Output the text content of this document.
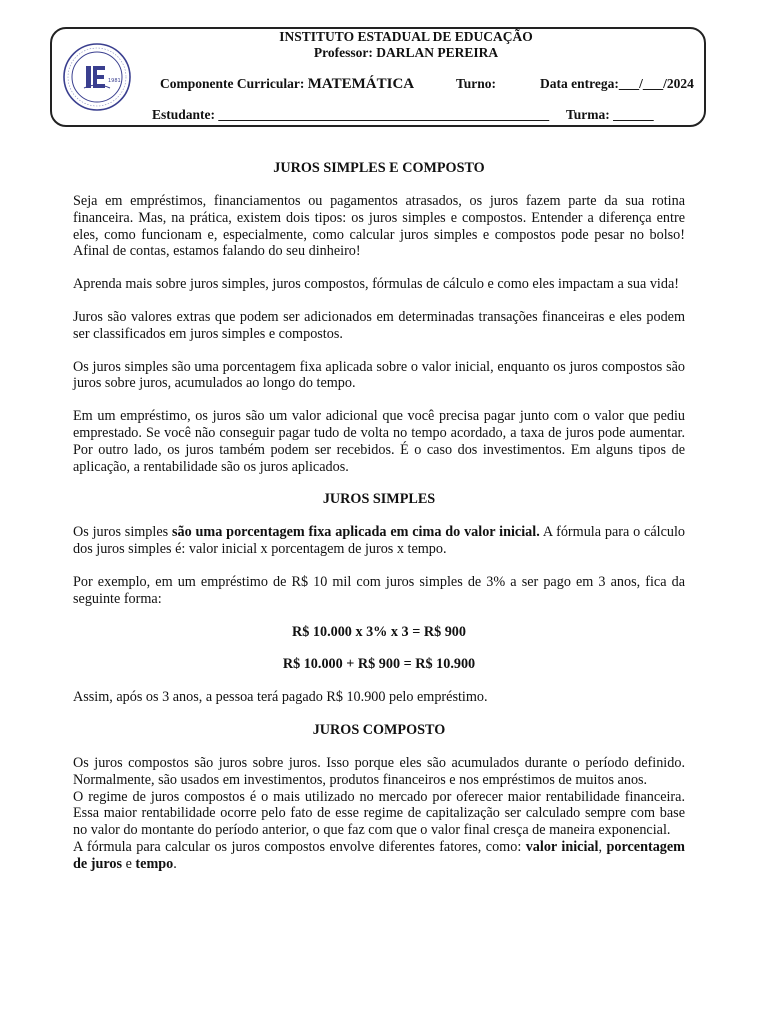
1981
INSTITUTO ESTADUAL DE EDUCAÇÃO
Professor: DARLAN PEREIRA
Componente Curricular: MATEMÁTICA	Turno:	Data entrega:___/___/2024
Estudante: _________________________________________________ Turma: ______
JUROS SIMPLES E COMPOSTO

Seja em empréstimos, financiamentos ou pagamentos atrasados, os juros fazem parte da sua rotina financeira. Mas, na prática, existem dois tipos: os juros simples e compostos. Entender a diferença entre eles, como funcionam e, especialmente, como calcular juros simples e compostos pode pesar no bolso! Afinal de contas, estamos falando do seu dinheiro!

Aprenda mais sobre juros simples, juros compostos, fórmulas de cálculo e como eles impactam a sua vida!

Juros são valores extras que podem ser adicionados em determinadas transações financeiras e eles podem ser classificados em juros simples e compostos.

Os juros simples são uma porcentagem fixa aplicada sobre o valor inicial, enquanto os juros compostos são juros sobre juros, acumulados ao longo do tempo.

Em um empréstimo, os juros são um valor adicional que você precisa pagar junto com o valor que pediu emprestado. Se você não conseguir pagar tudo de volta no tempo acordado, a taxa de juros pode aumentar. Por outro lado, os juros também podem ser recebidos. É o caso dos investimentos. Em alguns tipos de aplicação, a rentabilidade são os juros aplicados.

JUROS SIMPLES

Os juros simples são uma porcentagem fixa aplicada em cima do valor inicial. A fórmula para o cálculo dos juros simples é: valor inicial x porcentagem de juros x tempo.

Por exemplo, em um empréstimo de R$ 10 mil com juros simples de 3% a ser pago em 3 anos, fica da seguinte forma:

R$ 10.000 x 3% x 3 = R$ 900
R$ 10.000 + R$ 900 = R$ 10.900

Assim, após os 3 anos, a pessoa terá pagado R$ 10.900 pelo empréstimo.

JUROS COMPOSTO

Os juros compostos são juros sobre juros. Isso porque eles são acumulados durante o período definido. Normalmente, são usados em investimentos, produtos financeiros e nos empréstimos de muitos anos.

O regime de juros compostos é o mais utilizado no mercado por oferecer maior rentabilidade financeira. Essa maior rentabilidade ocorre pelo fato de esse regime de capitalização ser calculado sempre com base no valor do montante do período anterior, o que faz com que o valor final cresça de maneira exponencial.

A fórmula para calcular os juros compostos envolve diferentes fatores, como: valor inicial, porcentagem de juros e tempo.
